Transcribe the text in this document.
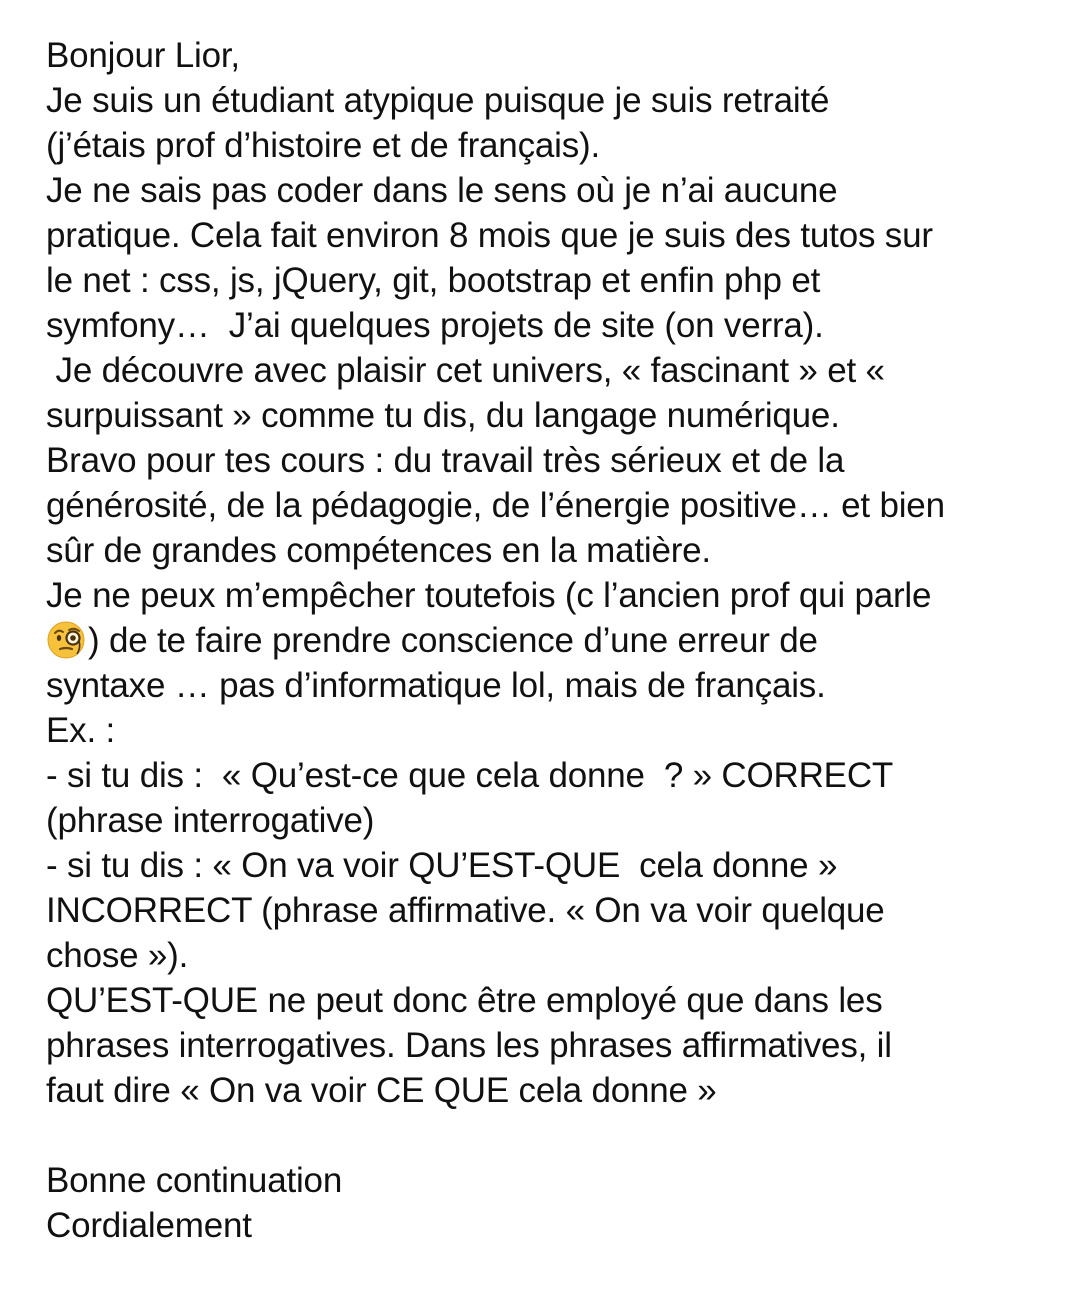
Bonjour Lior,
Je suis un étudiant atypique puisque je suis retraité
(j’étais prof d’histoire et de français).
Je ne sais pas coder dans le sens où je n’ai aucune
pratique. Cela fait environ 8 mois que je suis des tutos sur
le net : css, js, jQuery, git, bootstrap et enfin php et
symfony…  J’ai quelques projets de site (on verra).
Je découvre avec plaisir cet univers, « fascinant » et «
surpuissant » comme tu dis, du langage numérique.
Bravo pour tes cours : du travail très sérieux et de la
générosité, de la pédagogie, de l’énergie positive… et bien
sûr de grandes compétences en la matière.
Je ne peux m’empêcher toutefois (c l’ancien prof qui parle
) de te faire prendre conscience d’une erreur de
syntaxe … pas d’informatique lol, mais de français.
Ex. :
- si tu dis :  « Qu’est-ce que cela donne  ? » CORRECT
(phrase interrogative)
- si tu dis : « On va voir QU’EST-QUE  cela donne »
INCORRECT (phrase affirmative. « On va voir quelque
chose »).
QU’EST-QUE ne peut donc être employé que dans les
phrases interrogatives. Dans les phrases affirmatives, il
faut dire « On va voir CE QUE cela donne »
Bonne continuation
Cordialement
